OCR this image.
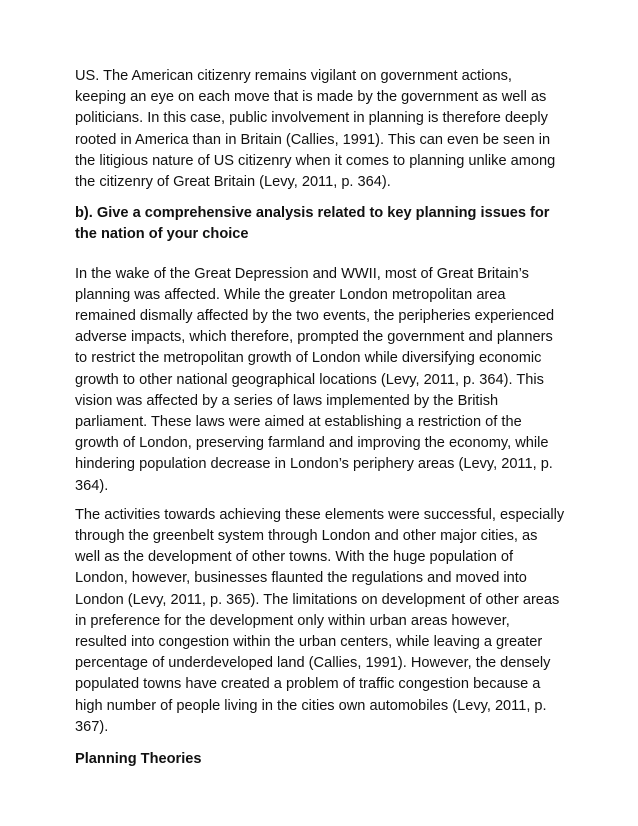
US. The American citizenry remains vigilant on government actions, keeping an eye on each move that is made by the government as well as politicians. In this case, public involvement in planning is therefore deeply rooted in America than in Britain (Callies, 1991). This can even be seen in the litigious nature of US citizenry when it comes to planning unlike among the citizenry of Great Britain (Levy, 2011, p. 364).

b). Give a comprehensive analysis related to key planning issues for the nation of your choice

In the wake of the Great Depression and WWII, most of Great Britain’s planning was affected. While the greater London metropolitan area remained dismally affected by the two events, the peripheries experienced adverse impacts, which therefore, prompted the government and planners to restrict the metropolitan growth of London while diversifying economic growth to other national geographical locations (Levy, 2011, p. 364). This vision was affected by a series of laws implemented by the British parliament. These laws were aimed at establishing a restriction of the growth of London, preserving farmland and improving the economy, while hindering population decrease in London’s periphery areas (Levy, 2011, p. 364).

The activities towards achieving these elements were successful, especially through the greenbelt system through London and other major cities, as well as the development of other towns. With the huge population of London, however, businesses flaunted the regulations and moved into London (Levy, 2011, p. 365). The limitations on development of other areas in preference for the development only within urban areas however, resulted into congestion within the urban centers, while leaving a greater percentage of underdeveloped land (Callies, 1991). However, the densely populated towns have created a problem of traffic congestion because a high number of people living in the cities own automobiles (Levy, 2011, p. 367).

Planning Theories
